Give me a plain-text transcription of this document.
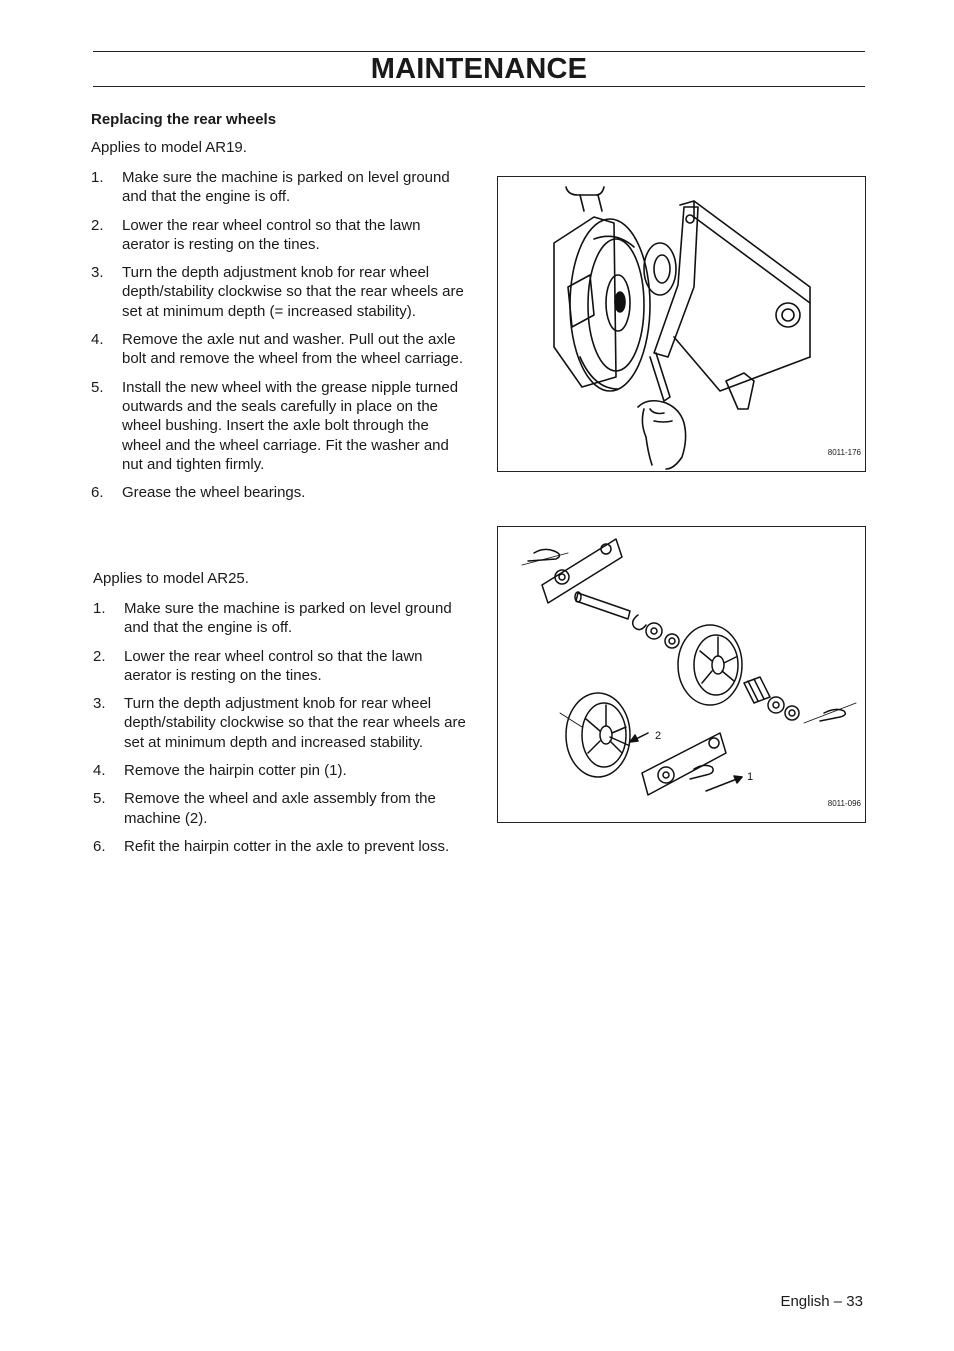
MAINTENANCE
Replacing the rear wheels
Applies to model AR19.
1. Make sure the machine is parked on level ground and that the engine is off.
2. Lower the rear wheel control so that the lawn aerator is resting on the tines.
3. Turn the depth adjustment knob for rear wheel depth/stability clockwise so that the rear wheels are set at minimum depth (= increased stability).
4. Remove the axle nut and washer. Pull out the axle bolt and remove the wheel from the wheel carriage.
5. Install the new wheel with the grease nipple turned outwards and the seals carefully in place on the wheel bushing. Insert the axle bolt through the wheel and the wheel carriage. Fit the washer and nut and tighten firmly.
6. Grease the wheel bearings.
Applies to model AR25.
1. Make sure the machine is parked on level ground and that the engine is off.
2. Lower the rear wheel control so that the lawn aerator is resting on the tines.
3. Turn the depth adjustment knob for rear wheel depth/stability clockwise so that the rear wheels are set at minimum depth and increased stability.
4. Remove the hairpin cotter pin (1).
5. Remove the wheel and axle assembly from the machine (2).
6. Refit the hairpin cotter in the axle to prevent loss.
8011-176
2
1
8011-096
English – 33
